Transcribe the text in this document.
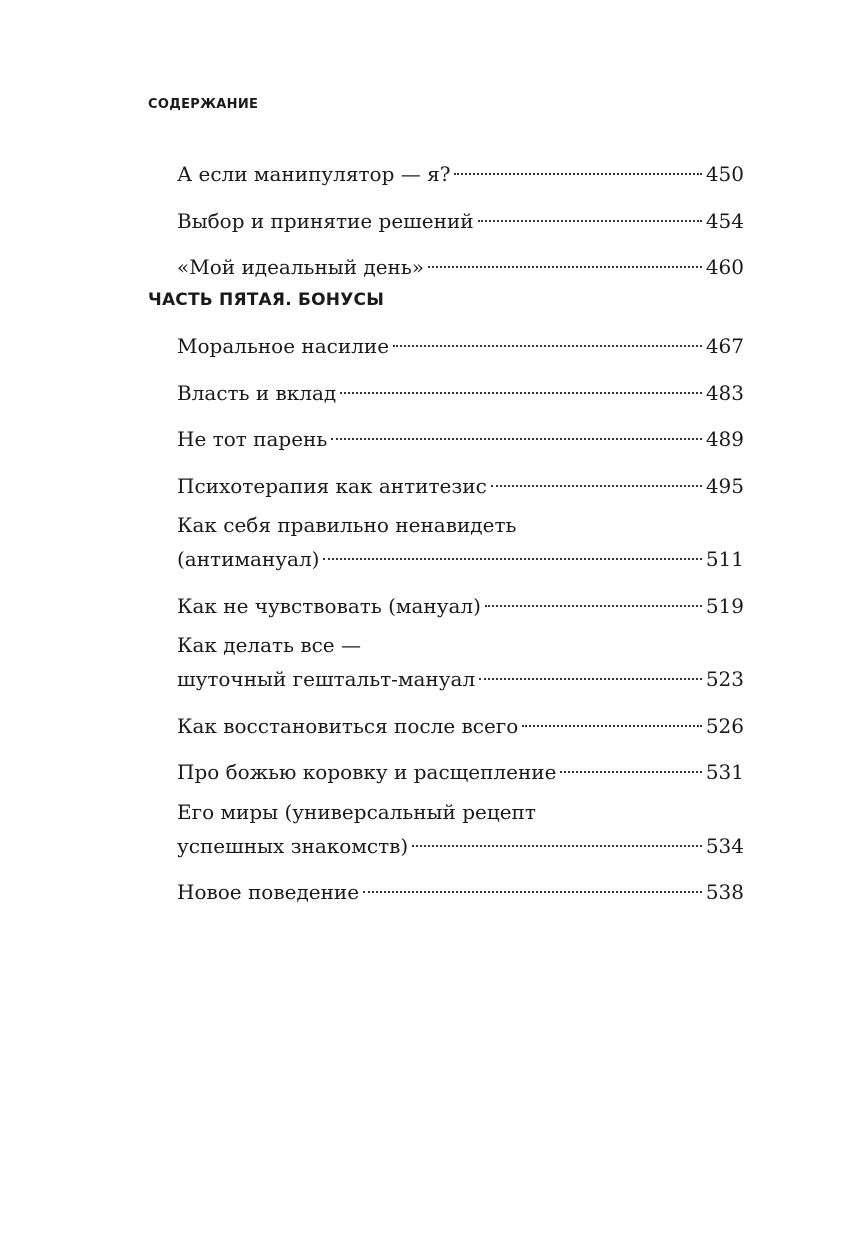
СОДЕРЖАНИЕ
А если манипулятор — я?	450
Выбор и принятие решений	454
«Мой идеальный день»	460
ЧАСТЬ ПЯТАЯ. БОНУСЫ
Моральное насилие	467
Власть и вклад	483
Не тот парень	489
Психотерапия как антитезис	495
Как себя правильно ненавидеть
(антимануал)	511
Как не чувствовать (мануал)	519
Как делать все —
шуточный гештальт-мануал	523
Как восстановиться после всего	526
Про божью коровку и расщепление	531
Его миры (универсальный рецепт
успешных знакомств)	534
Новое поведение	538
